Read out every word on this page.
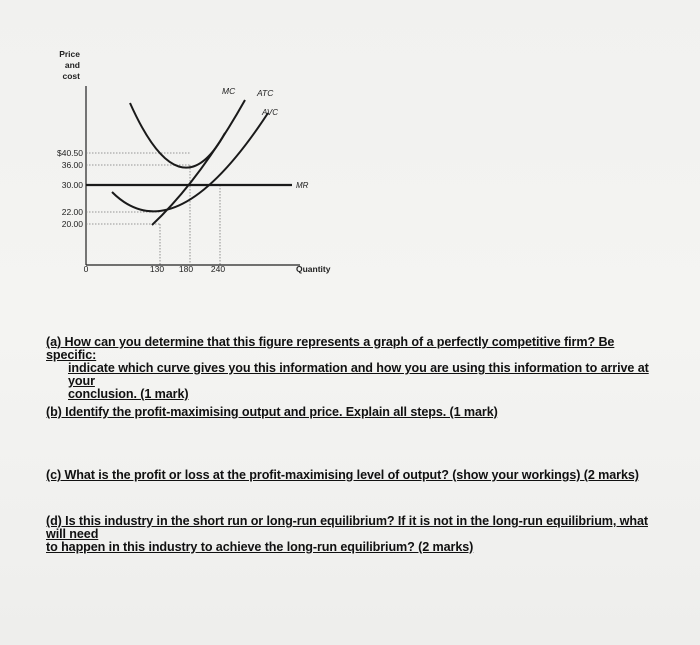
Price
and
cost
MC	ATC
AVC
MR
$40.50
36.00
30.00
22.00
20.00
0	130 180 240	Quantity
(a) How can you determine that this figure represents a graph of a perfectly competitive firm? Be specific:
indicate which curve gives you this information and how you are using this information to arrive at your
conclusion. (1 mark)
(b) Identify the profit-maximising output and price. Explain all steps. (1 mark)
(c) What is the profit or loss at the profit-maximising level of output? (show your workings) (2 marks)
(d) Is this industry in the short run or long-run equilibrium? If it is not in the long-run equilibrium, what will need
to happen in this industry to achieve the long-run equilibrium? (2 marks)
